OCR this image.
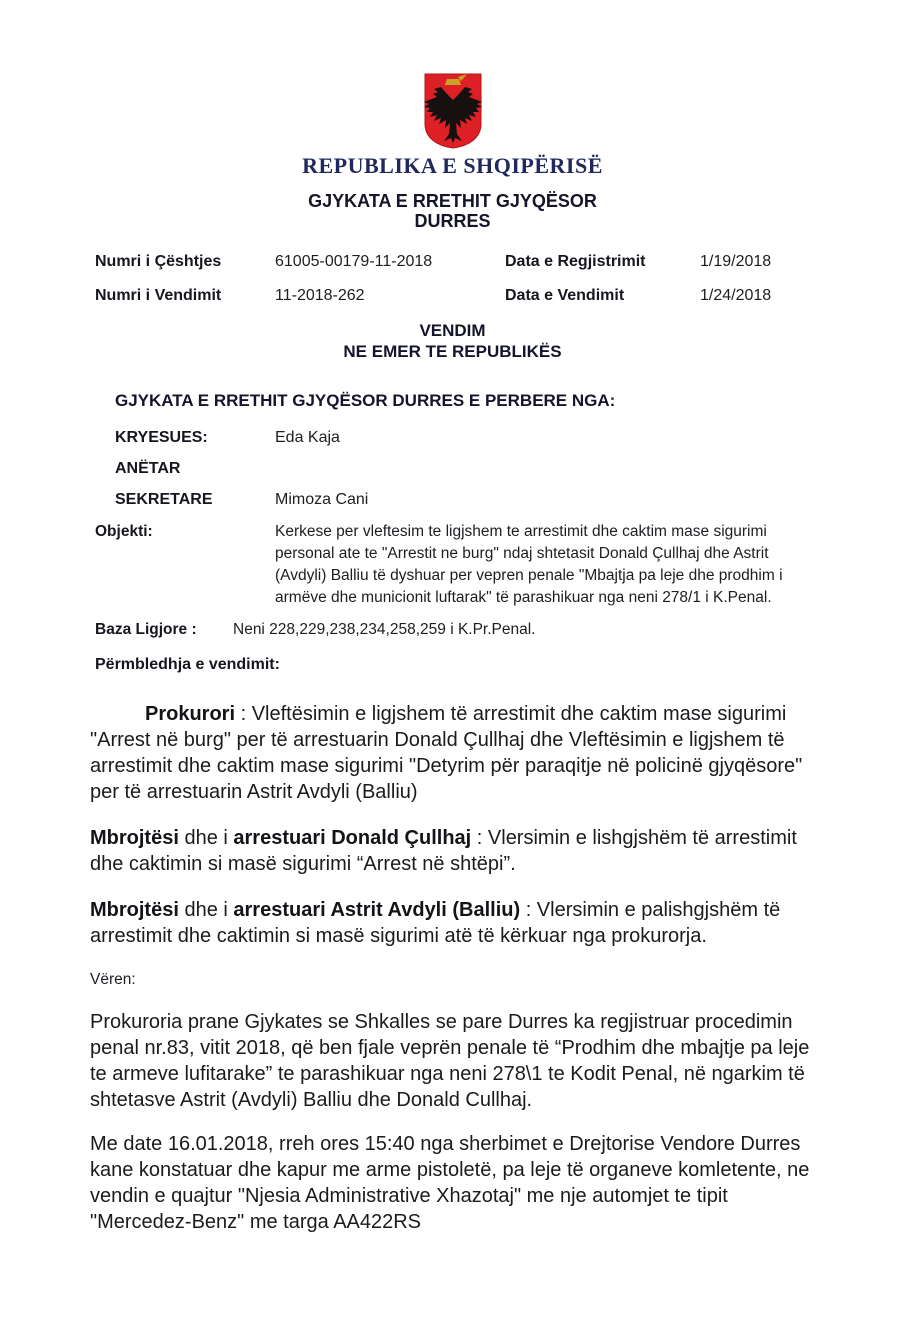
REPUBLIKA E SHQIPËRISË
GJYKATA E RRETHIT GJYQËSOR
DURRES
Numri i Çështjes	61005-00179-11-2018	Data e Regjistrimit	1/19/2018
Numri i Vendimit	11-2018-262	Data e Vendimit	1/24/2018
VENDIM
NE EMER TE REPUBLIKËS
GJYKATA E RRETHIT GJYQËSOR DURRES E PERBERE NGA:
KRYESUES:	Eda Kaja
ANËTAR
SEKRETARE	Mimoza Cani
Objekti:	Kerkese per vleftesim te ligjshem te arrestimit dhe caktim mase sigurimi personal ate te "Arrestit ne burg" ndaj shtetasit Donald Çullhaj dhe Astrit (Avdyli) Balliu të dyshuar per vepren penale "Mbajtja pa leje dhe prodhim i armëve dhe municionit luftarak" të parashikuar nga neni 278/1 i K.Penal.
Baza Ligjore :	Neni 228,229,238,234,258,259 i K.Pr.Penal.
Përmbledhja e vendimit:

Prokurori : Vleftësimin e ligjshem të arrestimit dhe caktim mase sigurimi "Arrest në burg" per të arrestuarin Donald Çullhaj dhe Vleftësimin e ligjshem të arrestimit dhe caktim mase sigurimi "Detyrim për paraqitje në policinë gjyqësore" per të arrestuarin Astrit Avdyli (Balliu)

Mbrojtësi dhe i arrestuari Donald Çullhaj : Vlersimin e lishgjshëm të arrestimit dhe caktimin si masë sigurimi “Arrest në shtëpi”.

Mbrojtësi dhe i arrestuari Astrit Avdyli (Balliu) : Vlersimin e palishgjshëm të arrestimit dhe caktimin si masë sigurimi atë të kërkuar nga prokurorja.

Vëren:

Prokuroria prane Gjykates se Shkalles se pare Durres ka regjistruar procedimin penal nr.83, vitit 2018, që ben fjale veprën penale të “Prodhim dhe mbajtje pa leje te armeve lufitarake” te parashikuar nga neni 278\1 te Kodit Penal, në ngarkim të shtetasve Astrit (Avdyli) Balliu dhe Donald Cullhaj.

Me date 16.01.2018, rreh ores 15:40 nga sherbimet e Drejtorise Vendore Durres kane konstatuar dhe kapur me arme pistoletë, pa leje të organeve komletente, ne vendin e quajtur "Njesia Administrative Xhazotaj" me nje automjet te tipit "Mercedez-Benz" me targa AA422RS
